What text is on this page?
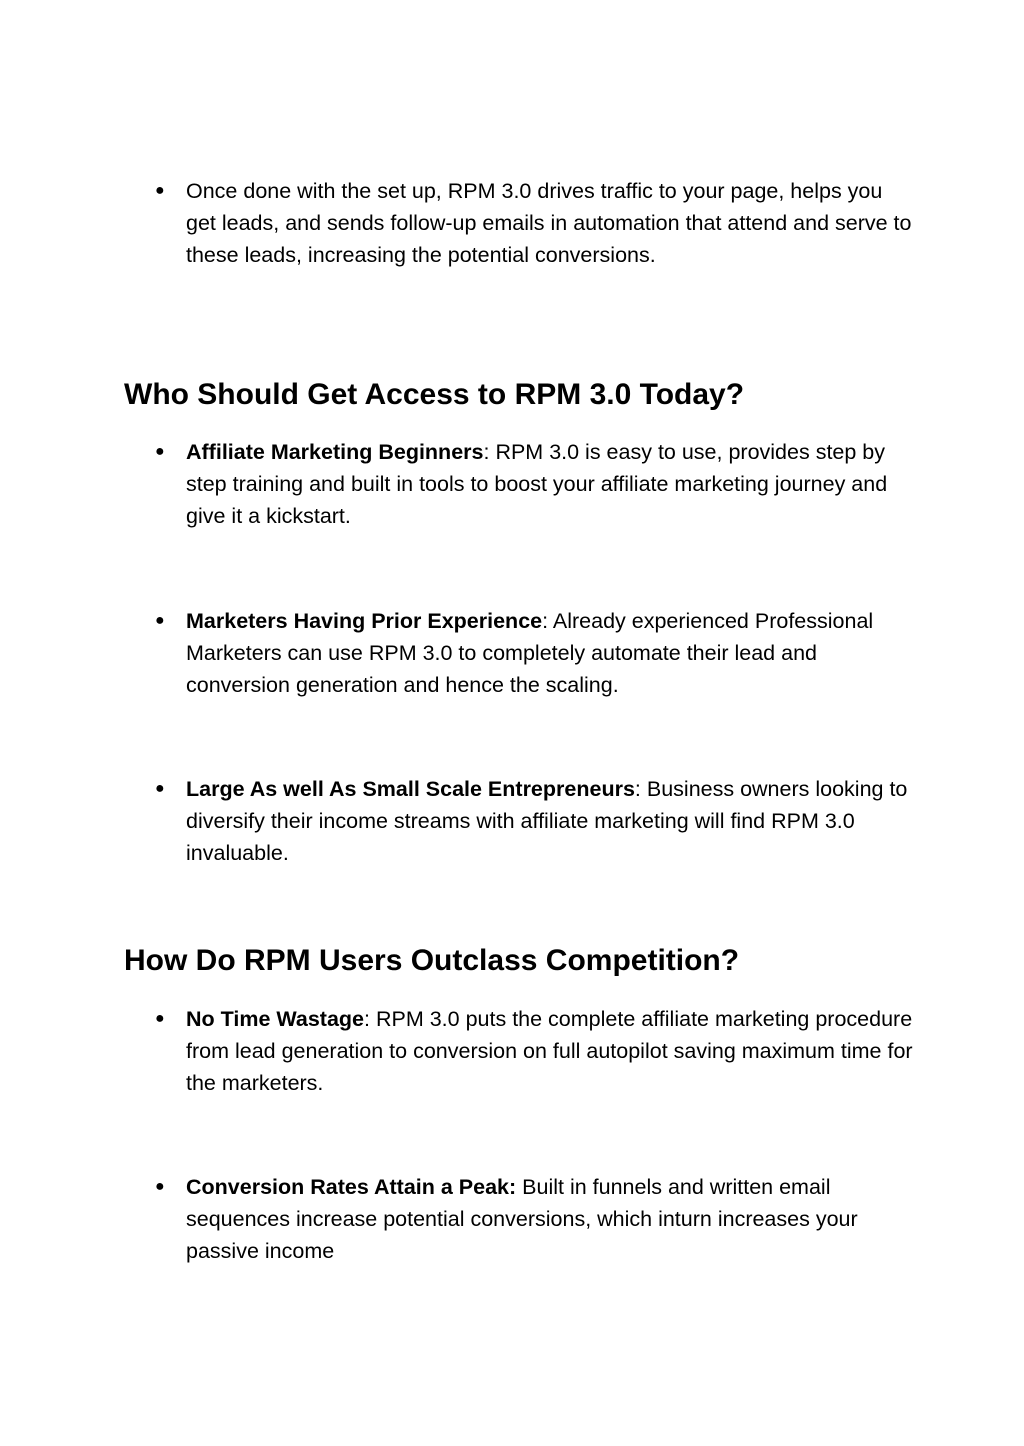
● Once done with the set up, RPM 3.0 drives traffic to your page, helps you get leads, and sends follow-up emails in automation that attend and serve to these leads, increasing the potential conversions.
Who Should Get Access to RPM 3.0 Today?
● Affiliate Marketing Beginners: RPM 3.0 is easy to use, provides step by step training and built in tools to boost your affiliate marketing journey and give it a kickstart.
● Marketers Having Prior Experience: Already experienced Professional Marketers can use RPM 3.0 to completely automate their lead and conversion generation and hence the scaling.
● Large As well As Small Scale Entrepreneurs: Business owners looking to diversify their income streams with affiliate marketing will find RPM 3.0 invaluable.
How Do RPM Users Outclass Competition?
● No Time Wastage: RPM 3.0 puts the complete affiliate marketing procedure from lead generation to conversion on full autopilot saving maximum time for the marketers.
● Conversion Rates Attain a Peak: Built in funnels and written email sequences increase potential conversions, which inturn increases your passive income
